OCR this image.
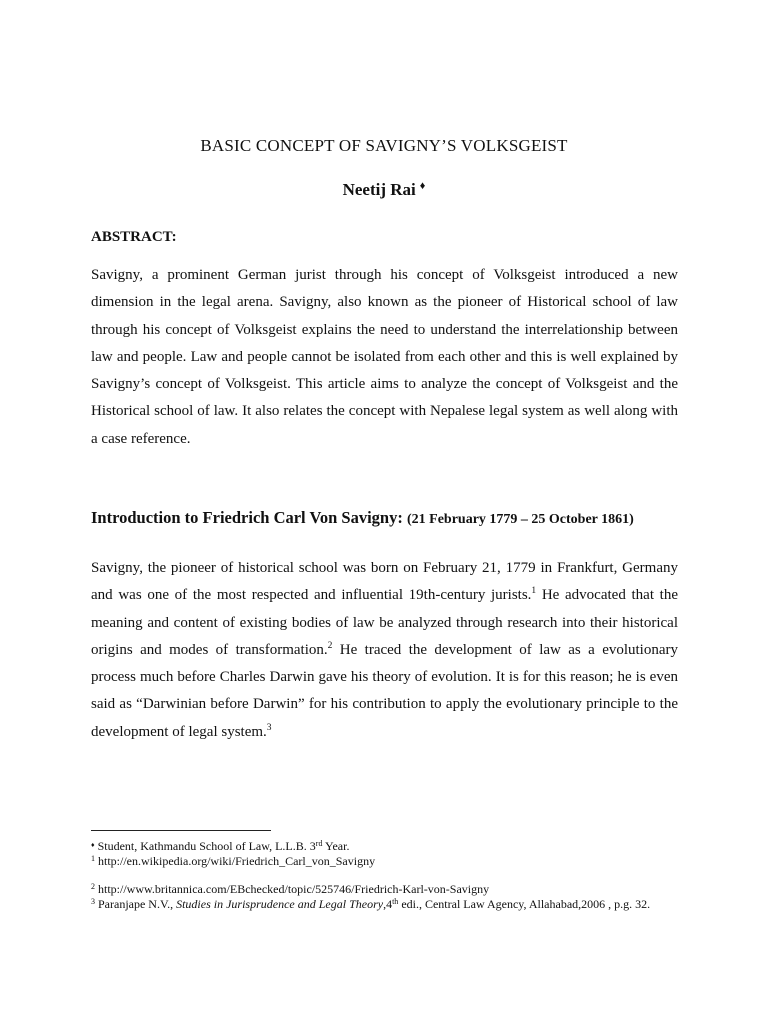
BASIC CONCEPT OF SAVIGNY’S VOLKSGEIST

Neetij Rai ♦

ABSTRACT:

Savigny, a prominent German jurist through his concept of Volksgeist introduced a new dimension in the legal arena. Savigny, also known as the pioneer of Historical school of law through his concept of Volksgeist explains the need to understand the interrelationship between law and people. Law and people cannot be isolated from each other and this is well explained by Savigny’s concept of Volksgeist. This article aims to analyze the concept of Volksgeist and the Historical school of law. It also relates the concept with Nepalese legal system as well along with a case reference.

Introduction to Friedrich Carl Von Savigny: (21 February 1779 – 25 October 1861)

Savigny, the pioneer of historical school was born on February 21, 1779 in Frankfurt, Germany and was one of the most respected and influential 19th-century jurists.$^1$ He advocated that the meaning and content of existing bodies of law be analyzed through research into their historical origins and modes of transformation.$^2$ He traced the development of law as a evolutionary process much before Charles Darwin gave his theory of evolution. It is for this reason; he is even said as “Darwinian before Darwin” for his contribution to apply the evolutionary principle to the development of legal system.$^3$

♦ Student, Kathmandu School of Law, L.L.B. 3rd Year.

$^1$ http://en.wikipedia.org/wiki/Friedrich_Carl_von_Savigny

$^2$ http://www.britannica.com/EBchecked/topic/525746/Friedrich-Karl-von-Savigny

$^3$ Paranjape N.V., Studies in Jurisprudence and Legal Theory,4th edi., Central Law Agency, Allahabad,2006 , p.g. 32.
